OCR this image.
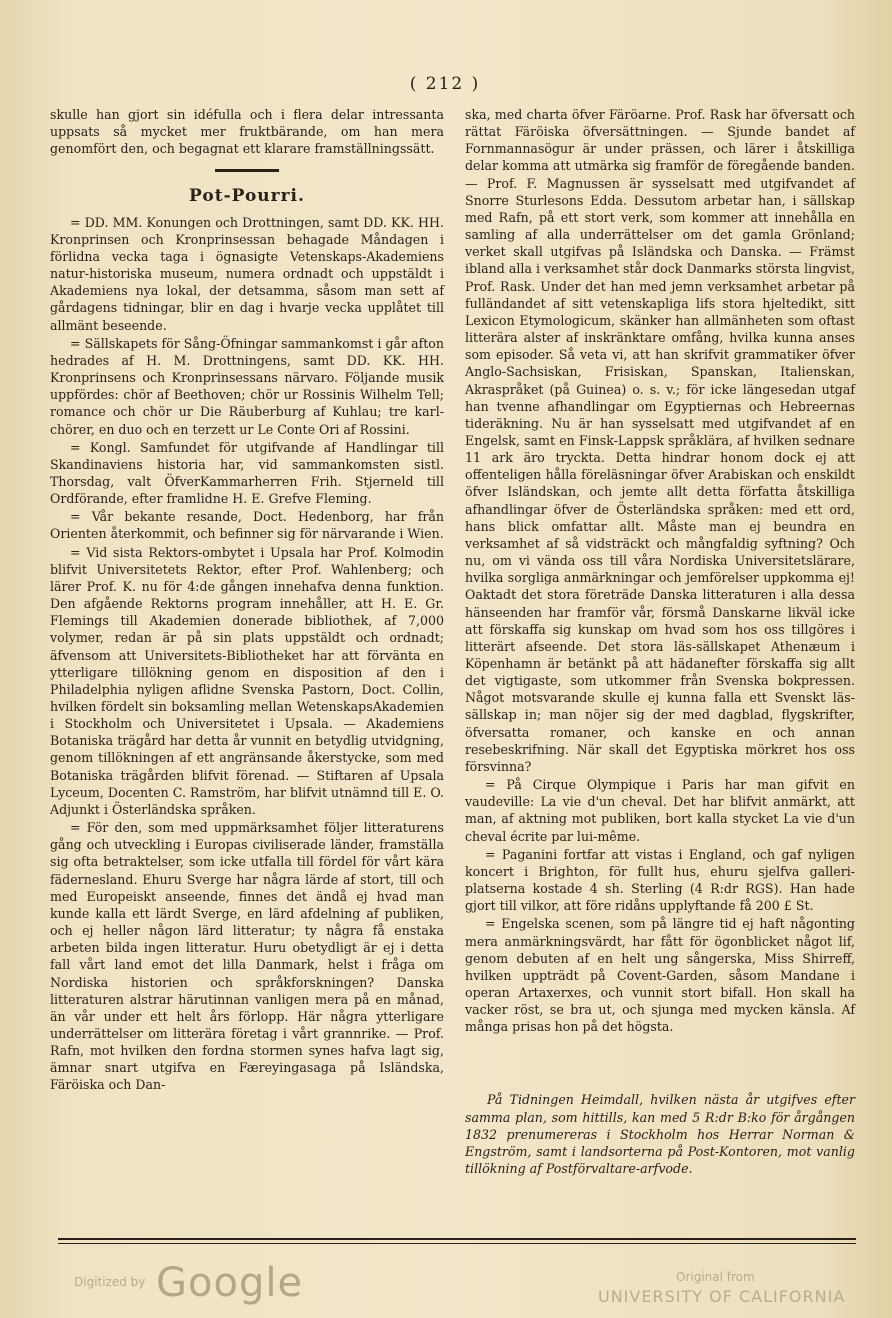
( 212 )

skulle han gjort sin idéfulla och i flera delar intressanta uppsats så mycket mer fruktbärande, om han mera genomfört den, och begagnat ett klarare framställningssätt.

Pot-Pourri.

= DD. MM. Konungen och Drottningen, samt DD. KK. HH. Kronprinsen och Kronprinsessan behagade Måndagen i förlidna vecka taga i ögnasigte Vetenskaps-Akademiens natur-historiska museum, numera ordnadt och uppstäldt i Akademiens nya lokal, der detsamma, såsom man sett af gårdagens tidningar, blir en dag i hvarje vecka upplåtet till allmänt beseende.

= Sällskapets för Sång-Öfningar sammankomst i går afton hedrades af H. M. Drottningens, samt DD. KK. HH. Kronprinsens och Kronprinsessans närvaro. Följande musik uppfördes: chör af Beethoven; chör ur Rossinis Wilhelm Tell; romance och chör ur Die Räuberburg af Kuhlau; tre karl-chörer, en duo och en terzett ur Le Conte Ori af Rossini.

= Kongl. Samfundet för utgifvande af Handlingar till Skandinaviens historia har, vid sammankomsten sistl. Thorsdag, valt ÖfverKammarherren Frih. Stjerneld till Ordförande, efter framlidne H. E. Grefve Fleming.

= Vår bekante resande, Doct. Hedenborg, har från Orienten återkommit, och befinner sig för närvarande i Wien.

= Vid sista Rektors-ombytet i Upsala har Prof. Kolmodin blifvit Universitetets Rektor, efter Prof. Wahlenberg; och lärer Prof. K. nu för 4:de gången innehafva denna funktion. Den afgående Rektorns program innehåller, att H. E. Gr. Flemings till Akademien donerade bibliothek, af 7,000 volymer, redan är på sin plats uppstäldt och ordnadt; äfvensom att Universitets-Bibliotheket har att förvänta en ytterligare tillökning genom en disposition af den i Philadelphia nyligen aflidne Svenska Pastorn, Doct. Collin, hvilken fördelt sin boksamling mellan WetenskapsAkademien i Stockholm och Universitetet i Upsala. — Akademiens Botaniska trägård har detta år vunnit en betydlig utvidgning, genom tillökningen af ett angränsande åkerstycke, som med Botaniska trägården blifvit förenad. — Stiftaren af Upsala Lyceum, Docenten C. Ramström, har blifvit utnämnd till E. O. Adjunkt i Österländska språken.

= För den, som med uppmärksamhet följer litteraturens gång och utveckling i Europas civiliserade länder, framställa sig ofta betraktelser, som icke utfalla till fördel för vårt kära fädernesland. Ehuru Sverge har några lärde af stort, till och med Europeiskt anseende, finnes det ändå ej hvad man kunde kalla ett lärdt Sverge, en lärd afdelning af publiken, och ej heller någon lärd litteratur; ty några få enstaka arbeten bilda ingen litteratur. Huru obetydligt är ej i detta fall vårt land emot det lilla Danmark, helst i fråga om Nordiska historien och språkforskningen? Danska litteraturen alstrar härutinnan vanligen mera på en månad, än vår under ett helt års förlopp. Här några ytterligare underrättelser om litterära företag i vårt grannrike. — Prof. Rafn, mot hvilken den fordna stormen synes hafva lagt sig, ämnar snart utgifva en Færeyingasaga på Isländska, Färöiska och Dan-

ska, med charta öfver Färöarne. Prof. Rask har öfversatt och rättat Färöiska öfversättningen. — Sjunde bandet af Fornmannasögur är under prässen, och lärer i åtskilliga delar komma att utmärka sig framför de föregående banden. — Prof. F. Magnussen är sysselsatt med utgifvandet af Snorre Sturlesons Edda. Dessutom arbetar han, i sällskap med Rafn, på ett stort verk, som kommer att innehålla en samling af alla underrättelser om det gamla Grönland; verket skall utgifvas på Isländska och Danska. — Främst ibland alla i verksamhet står dock Danmarks största lingvist, Prof. Rask. Under det han med jemn verksamhet arbetar på fulländandet af sitt vetenskapliga lifs stora hjeltedikt, sitt Lexicon Etymologicum, skänker han allmänheten som oftast litterära alster af inskränktare omfång, hvilka kunna anses som episoder. Så veta vi, att han skrifvit grammatiker öfver Anglo-Sachsiskan, Frisiskan, Spanskan, Italienskan, Akraspråket (på Guinea) o. s. v.; för icke längesedan utgaf han tvenne afhandlingar om Egyptiernas och Hebreernas tideräkning. Nu är han sysselsatt med utgifvandet af en Engelsk, samt en Finsk-Lappsk språklära, af hvilken sednare 11 ark äro tryckta. Detta hindrar honom dock ej att offenteligen hålla föreläsningar öfver Arabiskan och enskildt öfver Isländskan, och jemte allt detta författa åtskilliga afhandlingar öfver de Österländska språken: med ett ord, hans blick omfattar allt. Måste man ej beundra en verksamhet af så vidsträckt och mångfaldig syftning? Och nu, om vi vända oss till våra Nordiska Universitetslärare, hvilka sorgliga anmärkningar och jemförelser uppkomma ej! Oaktadt det stora företräde Danska litteraturen i alla dessa hänseenden har framför vår, försmå Danskarne likväl icke att förskaffa sig kunskap om hvad som hos oss tillgöres i litterärt afseende. Det stora läs-sällskapet Athenæum i Köpenhamn är betänkt på att hädanefter förskaffa sig allt det vigtigaste, som utkommer från Svenska bokpressen. Något motsvarande skulle ej kunna falla ett Svenskt läs-sällskap in; man nöjer sig der med dagblad, flygskrifter, öfversatta romaner, och kanske en och annan resebeskrifning. När skall det Egyptiska mörkret hos oss försvinna?

= På Cirque Olympique i Paris har man gifvit en vaudeville: La vie d'un cheval. Det har blifvit anmärkt, att man, af aktning mot publiken, bort kalla stycket La vie d'un cheval écrite par lui-même.

= Paganini fortfar att vistas i England, och gaf nyligen koncert i Brighton, för fullt hus, ehuru sjelfva galleri-platserna kostade 4 sh. Sterling (4 R:dr RGS). Han hade gjort till vilkor, att före ridåns upplyftande få 200 £ St.

= Engelska scenen, som på längre tid ej haft någonting mera anmärkningsvärdt, har fått för ögonblicket något lif, genom debuten af en helt ung sångerska, Miss Shirreff, hvilken uppträdt på Covent-Garden, såsom Mandane i operan Artaxerxes, och vunnit stort bifall. Hon skall ha vacker röst, se bra ut, och sjunga med mycken känsla. Af många prisas hon på det högsta.

På Tidningen Heimdall, hvilken nästa år utgifves efter samma plan, som hittills, kan med 5 R:dr B:ko för årgången 1832 prenumereras i Stockholm hos Herrar Norman & Engström, samt i landsorterna på Post-Kontoren, mot vanlig tillökning af Postförvaltare-arfvode.
Digitized by Google	Original from
UNIVERSITY OF CALIFORNIA
